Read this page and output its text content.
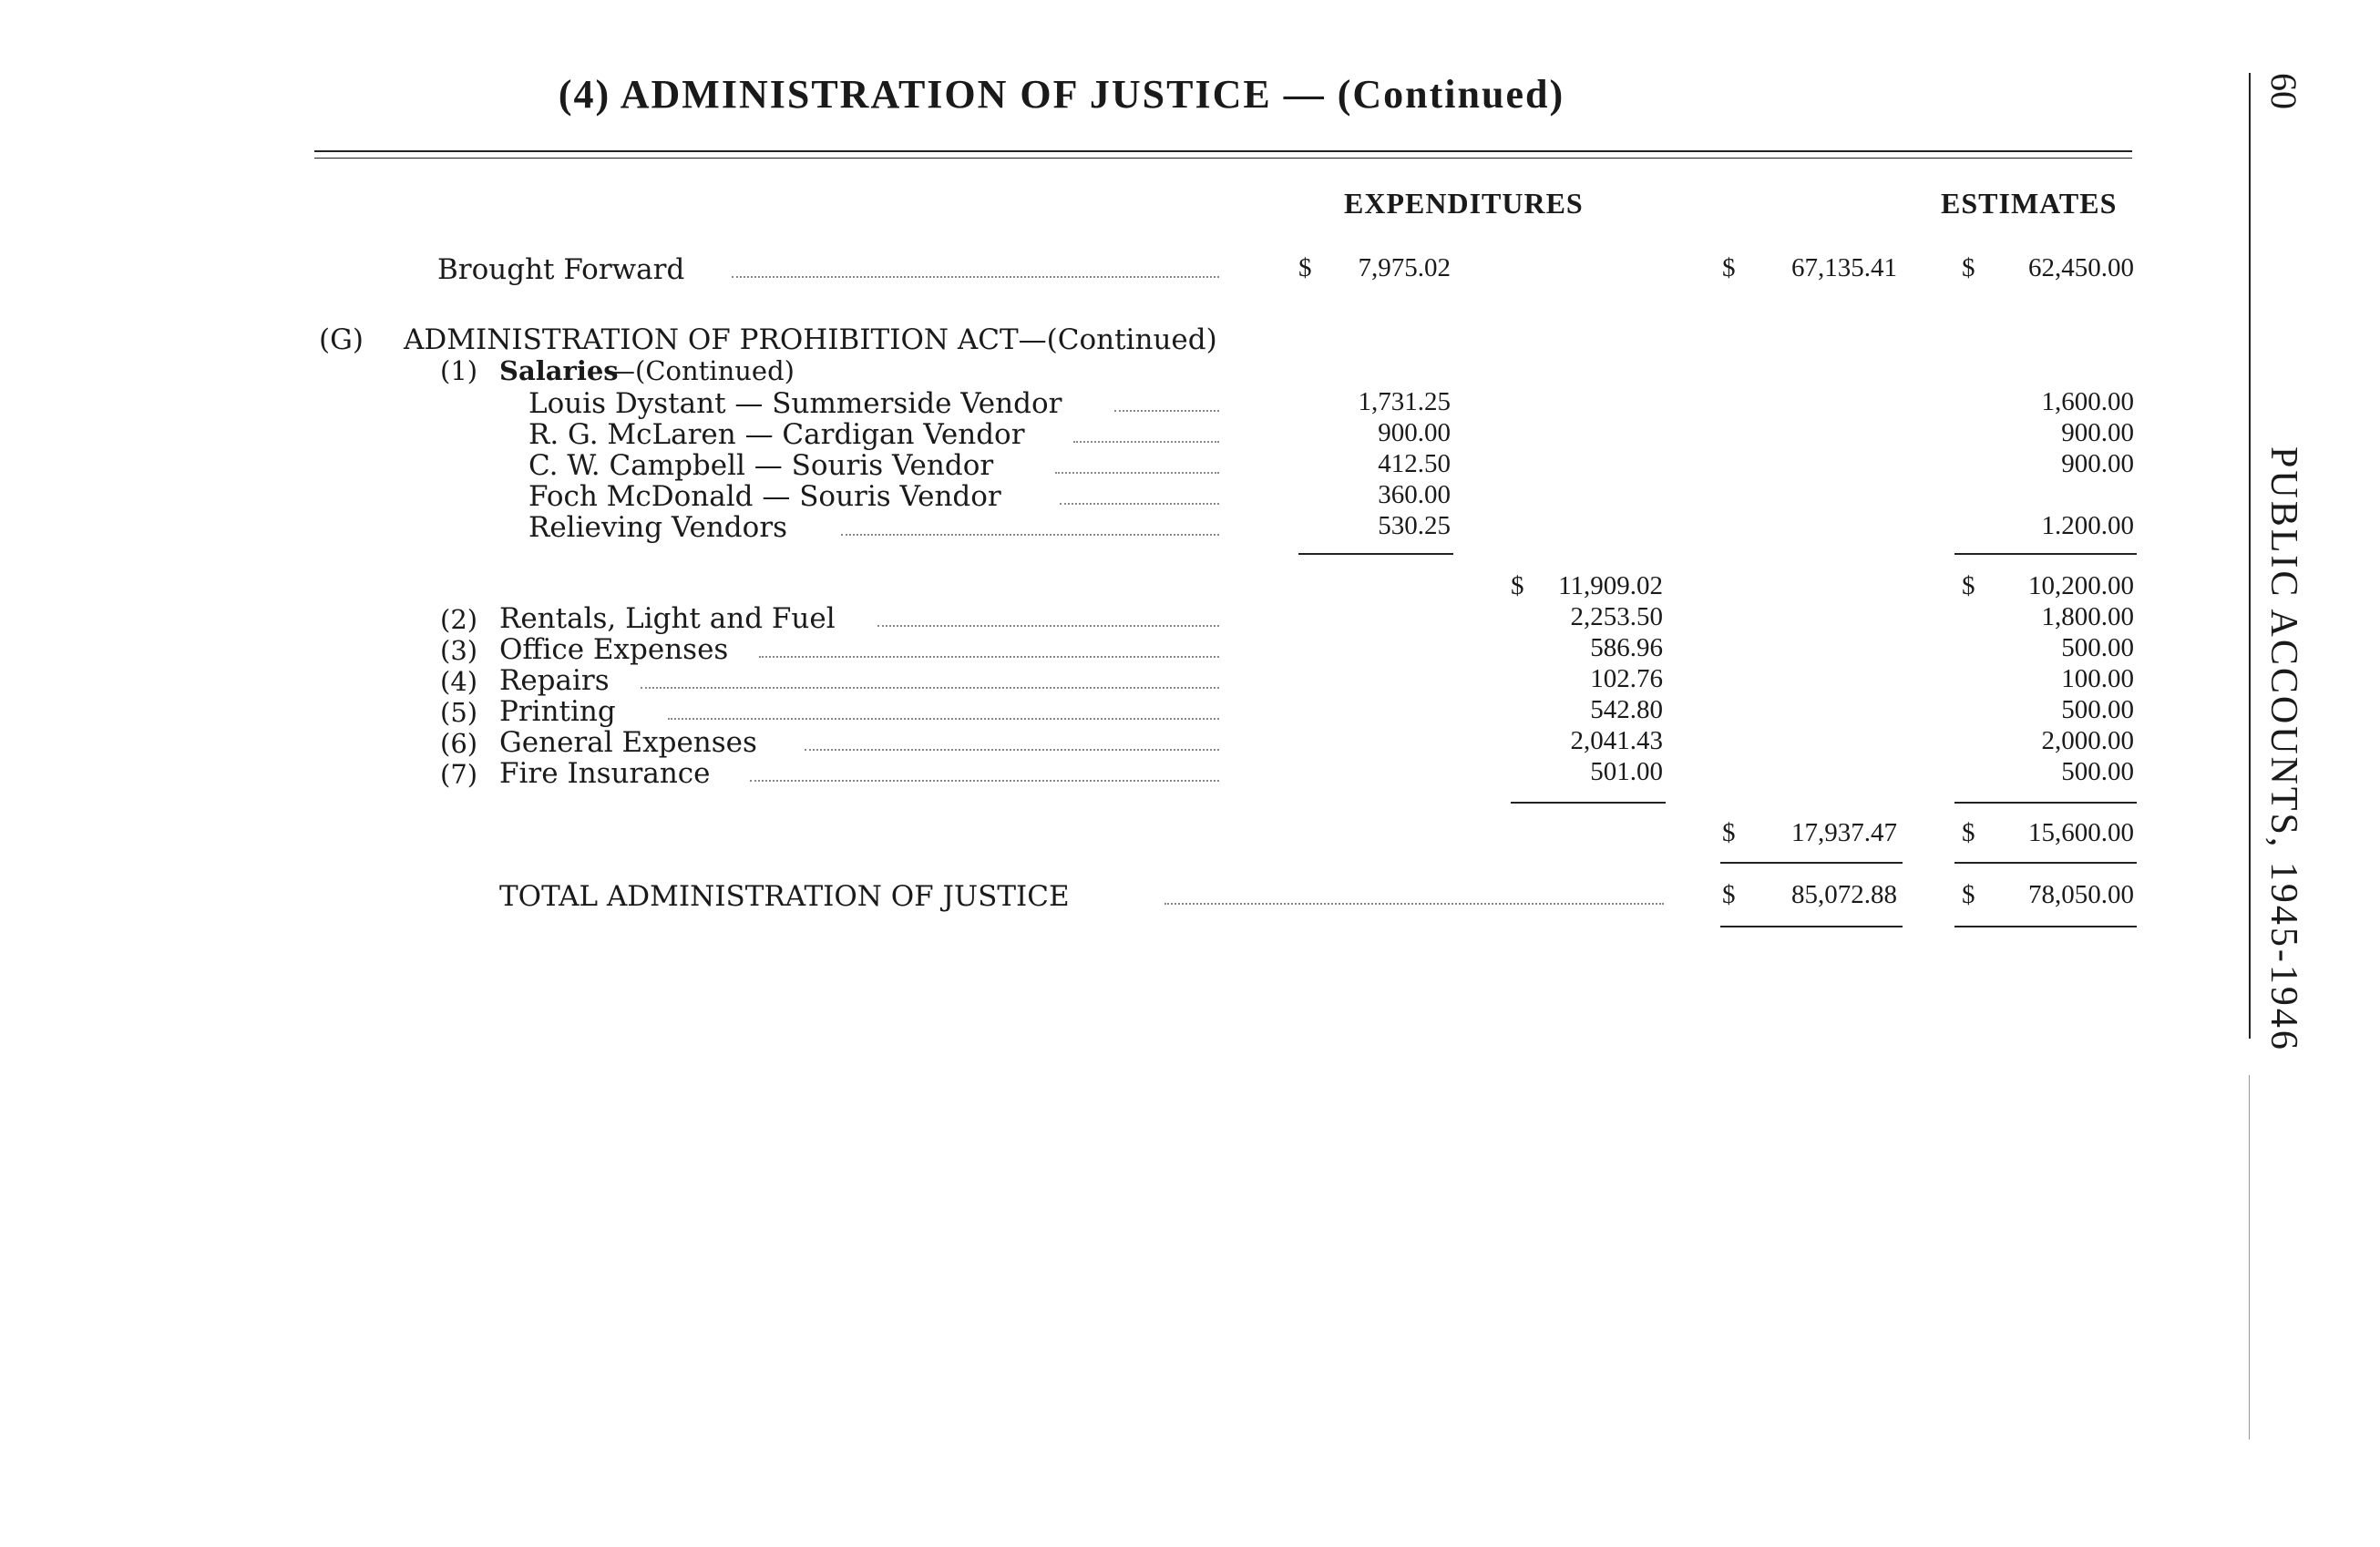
(4) ADMINISTRATION OF JUSTICE — (Continued)	60
PUBLIC ACCOUNTS, 1945-1946
EXPENDITURES	ESTIMATES
Brought Forward	$	7,975.02	$	67,135.41 $	62,450.00
(G) ADMINISTRATION OF PROHIBITION ACT—(Continued)
(1) Salaries
—(Continued)
Louis Dystant — Summerside Vendor	1,731.25	1,600.00
R. G. McLaren — Cardigan Vendor	900.00	900.00
C. W. Campbell — Souris Vendor	412.50	900.00
Foch McDonald — Souris Vendor	360.00
Relieving Vendors	530.25	1.200.00
$	11,909.02	$	10,200.00
(2) Rentals, Light and Fuel	2,253.50	1,800.00
(3) Office Expenses	586.96	500.00
(4) Repairs	102.76	100.00
(5) Printing	542.80	500.00
(6) General Expenses	2,041.43	2,000.00
(7) Fire Insurance	501.00	500.00
$	17,937.47 $	15,600.00
TOTAL ADMINISTRATION OF JUSTICE	$	85,072.88 $	78,050.00
